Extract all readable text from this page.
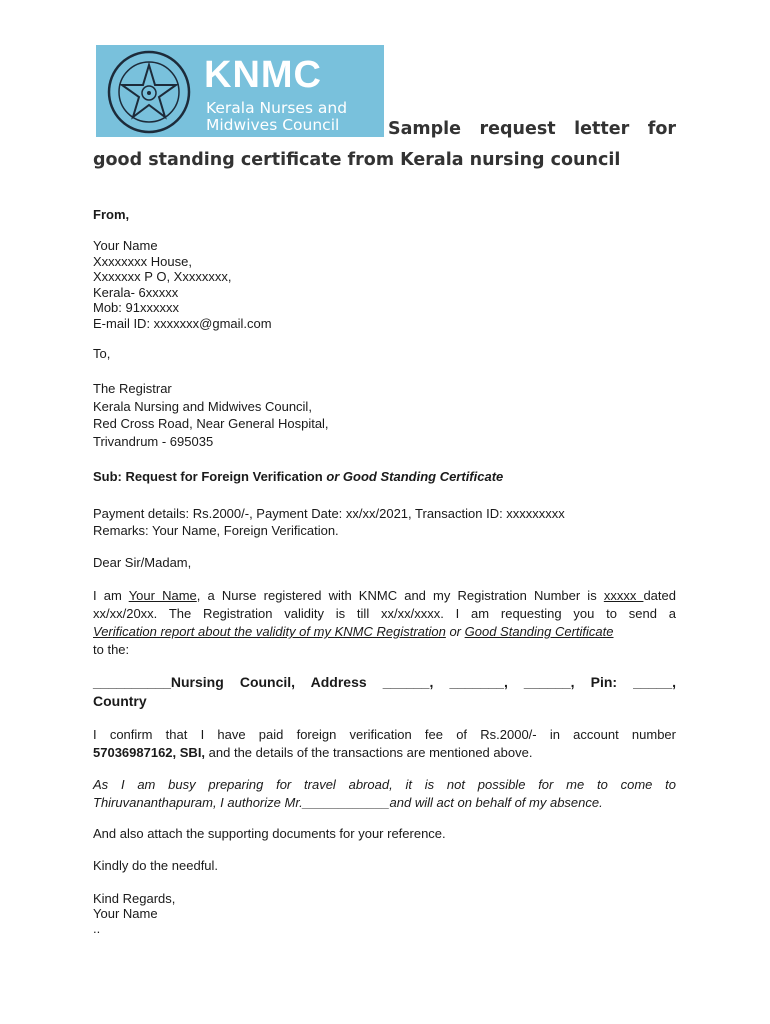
KNMC
Kerala Nurses and
Midwives Council	Sample request letter for
good standing certificate from Kerala nursing council
From,
Your Name
Xxxxxxxx House,
Xxxxxxx P O, Xxxxxxxx,
Kerala- 6xxxxx
Mob: 91xxxxxx
E-mail ID: xxxxxxx@gmail.com
To,
The Registrar
Kerala Nursing and Midwives Council,
Red Cross Road, Near General Hospital,
Trivandrum - 695035
Sub: Request for Foreign Verification or Good Standing Certificate
Payment details: Rs.2000/-, Payment Date: xx/xx/2021, Transaction ID: xxxxxxxxx
Remarks: Your Name, Foreign Verification.
Dear Sir/Madam,
I am Your Name, a Nurse registered with KNMC and my Registration Number is xxxxx dated
xx/xx/20xx. The Registration validity is till xx/xx/xxxx. I am requesting you to send a
Verification report about the validity of my KNMC Registration or Good Standing Certificate
to the:
__________Nursing Council, Address ______, _______, ______, Pin: _____,
Country
I confirm that I have paid foreign verification fee of Rs.2000/- in account number
57036987162, SBI, and the details of the transactions are mentioned above.
As I am busy preparing for travel abroad, it is not possible for me to come to
Thiruvananthapuram, I authorize Mr.____________and will act on behalf of my absence.
And also attach the supporting documents for your reference.
Kindly do the needful.
Kind Regards,
Your Name
..
